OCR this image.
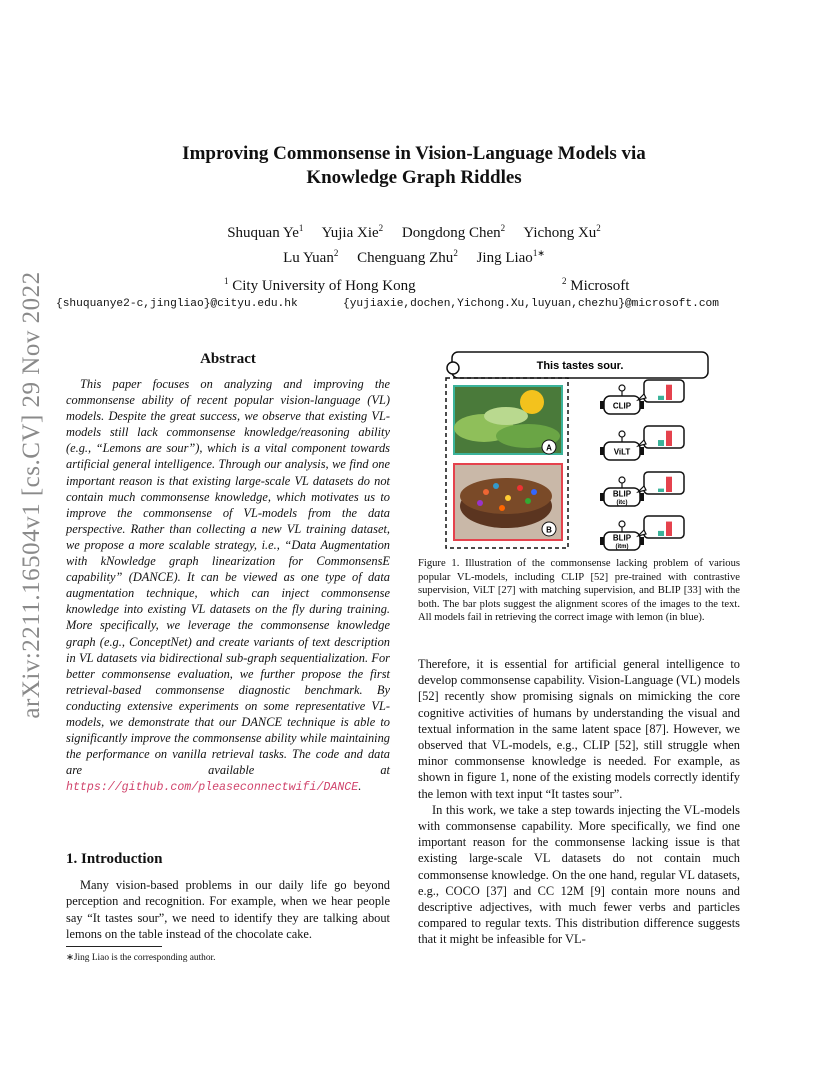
arXiv:2211.16504v1 [cs.CV] 29 Nov 2022
Improving Commonsense in Vision-Language Models via
Knowledge Graph Riddles
Shuquan Ye$^1$ Yujia Xie$^2$ Dongdong Chen$^2$ Yichong Xu$^2$
Lu Yuan$^2$ Chenguang Zhu$^2$ Jing Liao$^{1∗}$
$^1$ City University of Hong Kong	$^2$ Microsoft
{shuquanye2-c,jingliao}@cityu.edu.hk	{yujiaxie,dochen,Yichong.Xu,luyuan,chezhu}@microsoft.com
Abstract

This paper focuses on analyzing and improving the commonsense ability of recent popular vision-language (VL) models. Despite the great success, we observe that existing VL-models still lack commonsense knowledge/reasoning ability (e.g., “Lemons are sour”), which is a vital component towards artificial general intelligence. Through our analysis, we find one important reason is that existing large-scale VL datasets do not contain much commonsense knowledge, which motivates us to improve the commonsense of VL-models from the data perspective. Rather than collecting a new VL training dataset, we propose a more scalable strategy, i.e., “Data Augmentation with kNowledge graph linearization for CommonsensE capability” (DANCE). It can be viewed as one type of data augmentation technique, which can inject commonsense knowledge into existing VL datasets on the fly during training. More specifically, we leverage the commonsense knowledge graph (e.g., ConceptNet) and create variants of text description in VL datasets via bidirectional sub-graph sequentialization. For better commonsense evaluation, we further propose the first retrieval-based commonsense diagnostic benchmark. By conducting extensive experiments on some representative VL-models, we demonstrate that our DANCE technique is able to significantly improve the commonsense ability while maintaining the performance on vanilla retrieval tasks. The code and data are available at https://github.com/pleaseconnectwifi/DANCE.

1. Introduction

Many vision-based problems in our daily life go beyond perception and recognition. For example, when we hear people say “It tastes sour”, we need to identify they are talking about lemons on the table instead of the chocolate cake.

∗Jing Liao is the corresponding author.
This tastes sour.
A
B
CLIP
ViLT
BLIP
(itc)
BLIP
(itm)
Figure 1. Illustration of the commonsense lacking problem of various popular VL-models, including CLIP [52] pre-trained with contrastive supervision, ViLT [27] with matching supervision, and BLIP [33] with the both. The bar plots suggest the alignment scores of the images to the text. All models fail in retrieving the correct image with lemon (in blue).

Therefore, it is essential for artificial general intelligence to develop commonsense capability. Vision-Language (VL) models [52] recently show promising signals on mimicking the core cognitive activities of humans by understanding the visual and textual information in the same latent space [87]. However, we observed that VL-models, e.g., CLIP [52], still struggle when minor commonsense knowledge is needed. For example, as shown in figure 1, none of the existing models correctly identify the lemon with text input “It tastes sour”.

In this work, we take a step towards injecting the VL-models with commonsense capability. More specifically, we find one important reason for the commonsense lacking issue is that existing large-scale VL datasets do not contain much commonsense knowledge. On the one hand, regular VL datasets, e.g., COCO [37] and CC 12M [9] contain more nouns and descriptive adjectives, with much fewer verbs and particles compared to regular texts. This distribution difference suggests that it might be infeasible for VL-
